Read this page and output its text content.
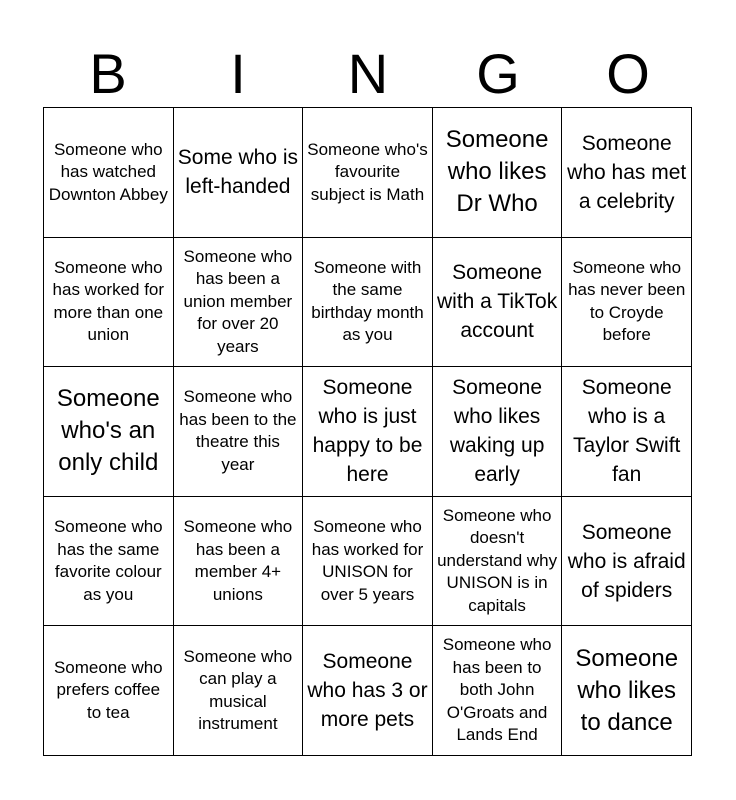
B	I	N	G	O
Someone who has watched Downton Abbey
Some who is left-handed
Someone who's favourite subject is Math
Someone who likes Dr Who
Someone who has met a celebrity
Someone who has worked for more than one union
Someone who has been a union member for over 20 years
Someone with the same birthday month as you
Someone with a TikTok account
Someone who has never been to Croyde before
Someone who's an only child
Someone who has been to the theatre this year
Someone who is just happy to be here
Someone who likes waking up early
Someone who is a Taylor Swift fan
Someone who has the same favorite colour as you
Someone who has been a member 4+ unions
Someone who has worked for UNISON for over 5 years
Someone who doesn't understand why UNISON is in capitals
Someone who is afraid of spiders
Someone who prefers coffee to tea
Someone who can play a musical instrument
Someone who has 3 or more pets
Someone who has been to both John O'Groats and Lands End
Someone who likes to dance
